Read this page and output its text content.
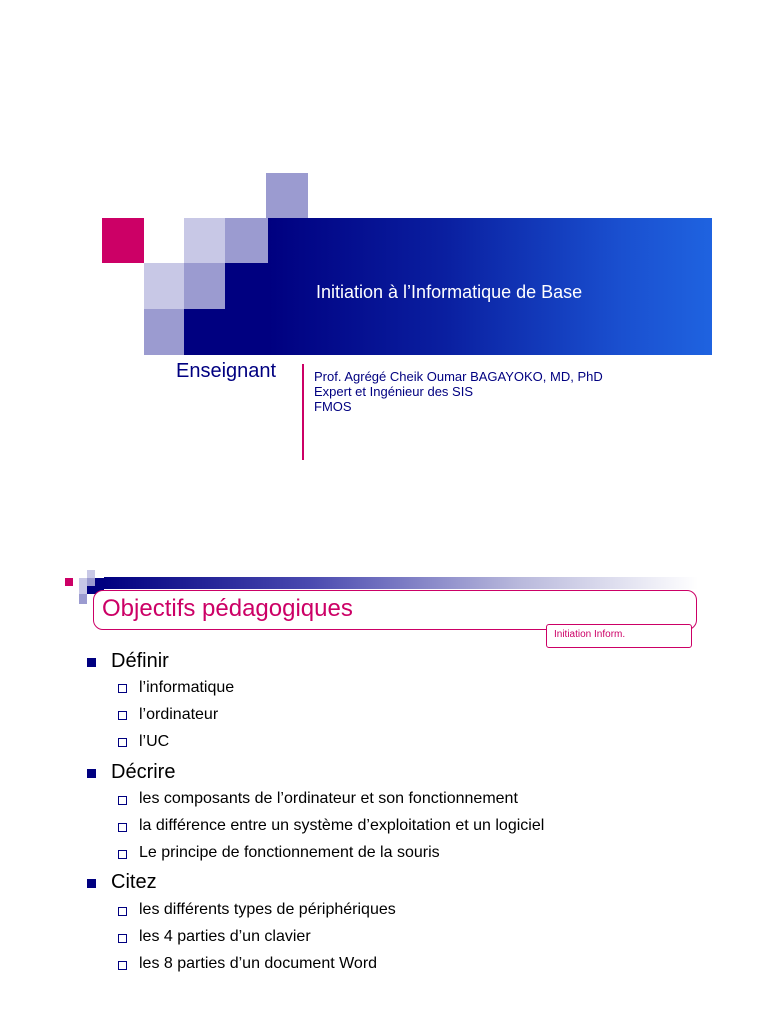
Initiation à l’Informatique de Base
Enseignant	Prof. Agrégé Cheik Oumar BAGAYOKO, MD, PhD
Expert et Ingénieur des SIS
FMOS
Objectifs pédagogiques
Initiation Inform.
Définir
l’informatique
l’ordinateur
l’UC
Décrire
les composants de l’ordinateur et son fonctionnement
la différence entre un système d’exploitation et un logiciel
Le principe de fonctionnement de la souris
Citez
les différents types de périphériques
les 4 parties d’un clavier
les 8 parties d’un document Word
